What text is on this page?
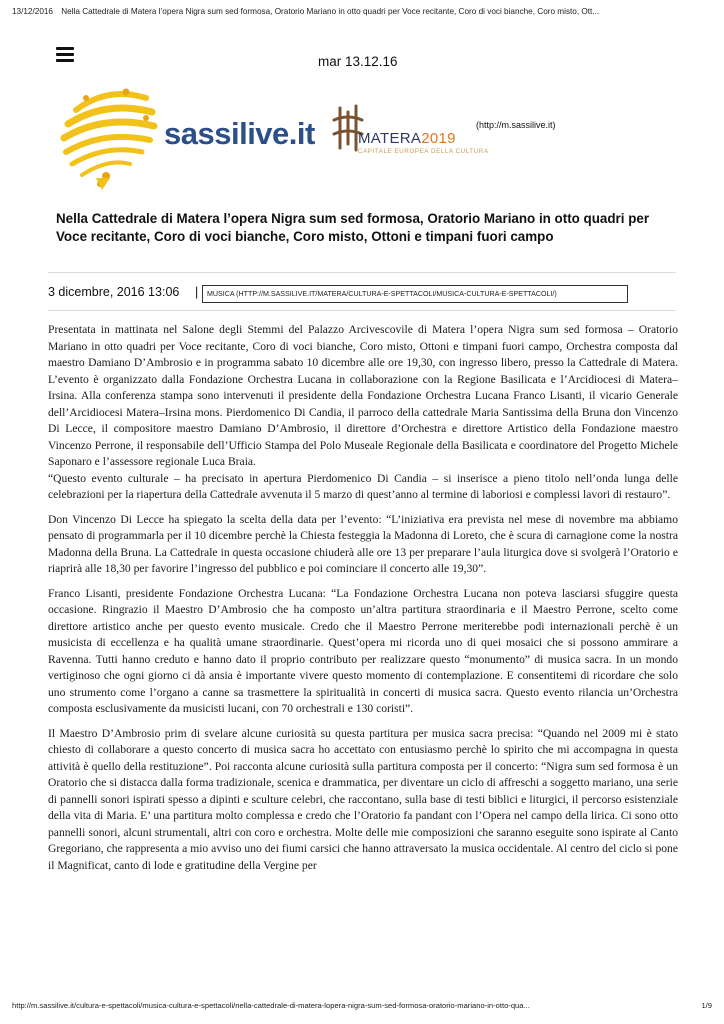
13/12/2016 Nella Cattedrale di Matera l’opera Nigra sum sed formosa, Oratorio Mariano in otto quadri per Voce recitante, Coro di voci bianche, Coro misto, Ott...
mar 13.12.16
sassilive.it	MATERA2019
CAPITALE EUROPEA DELLA CULTURA
(http://m.sassilive.it)
Nella Cattedrale di Matera l’opera Nigra sum sed formosa, Oratorio Mariano in otto quadri per Voce recitante, Coro di voci bianche, Coro misto, Ottoni e timpani fuori campo
3 dicembre, 2016 13:06 |	MUSICA (HTTP://M.SASSILIVE.IT/MATERA/CULTURA-E-SPETTACOLI/MUSICA-CULTURA-E-SPETTACOLI/)

Presentata in mattinata nel Salone degli Stemmi del Palazzo Arcivescovile di Matera l’opera Nigra sum sed formosa – Oratorio Mariano in otto quadri per Voce recitante, Coro di voci bianche, Coro misto, Ottoni e timpani fuori campo, Orchestra composta dal maestro Damiano D’Ambrosio e in programma sabato 10 dicembre alle ore 19,30, con ingresso libero, presso la Cattedrale di Matera. L’evento è organizzato dalla Fondazione Orchestra Lucana in collaborazione con la Regione Basilicata e l’Arcidiocesi di Matera–Irsina. Alla conferenza stampa sono intervenuti il presidente della Fondazione Orchestra Lucana Franco Lisanti, il vicario Generale dell’Arcidiocesi Matera–Irsina mons. Pierdomenico Di Candia, il parroco della cattedrale Maria Santissima della Bruna don Vincenzo Di Lecce, il compositore maestro Damiano D’Ambrosio, il direttore d’Orchestra e direttore Artistico della Fondazione maestro Vincenzo Perrone, il responsabile dell’Ufficio Stampa del Polo Museale Regionale della Basilicata e coordinatore del Progetto Michele Saponaro e l’assessore regionale Luca Braia.

“Questo evento culturale – ha precisato in apertura Pierdomenico Di Candia – si inserisce a pieno titolo nell’onda lunga delle celebrazioni per la riapertura della Cattedrale avvenuta il 5 marzo di quest’anno al termine di laboriosi e complessi lavori di restauro”.

Don Vincenzo Di Lecce ha spiegato la scelta della data per l’evento: “L’iniziativa era prevista nel mese di novembre ma abbiamo pensato di programmarla per il 10 dicembre perchè la Chiesta festeggia la Madonna di Loreto, che è scura di carnagione come la nostra Madonna della Bruna. La Cattedrale in questa occasione chiuderà alle ore 13 per preparare l’aula liturgica dove si svolgerà l’Oratorio e riaprirà alle 18,30 per favorire l’ingresso del pubblico e poi cominciare il concerto alle 19,30”.

Franco Lisanti, presidente Fondazione Orchestra Lucana: “La Fondazione Orchestra Lucana non poteva lasciarsi sfuggire questa occasione. Ringrazio il Maestro D’Ambrosio che ha composto un’altra partitura straordinaria e il Maestro Perrone, scelto come direttore artistico anche per questo evento musicale. Credo che il Maestro Perrone meriterebbe podi internazionali perchè è un musicista di eccellenza e ha qualità umane straordinarie. Quest’opera mi ricorda uno di quei mosaici che si possono ammirare a Ravenna. Tutti hanno creduto e hanno dato il proprio contributo per realizzare questo “monumento” di musica sacra. In un mondo vertiginoso che ogni giorno ci dà ansia è importante vivere questo momento di contemplazione. E consentitemi di ricordare che solo uno strumento come l’organo a canne sa trasmettere la spiritualità in concerti di musica sacra. Questo evento rilancia un’Orchestra composta esclusivamente da musicisti lucani, con 70 orchestrali e 130 coristi”.

Il Maestro D’Ambrosio prim di svelare alcune curiosità su questa partitura per musica sacra precisa: “Quando nel 2009 mi è stato chiesto di collaborare a questo concerto di musica sacra ho accettato con entusiasmo perchè lo spirito che mi accompagna in questa attività è quello della restituzione”. Poi racconta alcune curiosità sulla partitura composta per il concerto: “Nigra sum sed formosa è un Oratorio che si distacca dalla forma tradizionale, scenica e drammatica, per diventare un ciclo di affreschi a soggetto mariano, una serie di pannelli sonori ispirati spesso a dipinti e sculture celebri, che raccontano, sulla base di testi biblici e liturgici, il percorso esistenziale della vita di Maria. E’ una partitura molto complessa e credo che l’Oratorio fa pandant con l’Opera nel campo della lirica. Ci sono otto pannelli sonori, alcuni strumentali, altri con coro e orchestra. Molte delle mie composizioni che saranno eseguite sono ispirate al Canto Gregoriano, che rappresenta a mio avviso uno dei fiumi carsici che hanno attraversato la musica occidentale. Al centro del ciclo si pone il Magnificat, canto di lode e gratitudine della Vergine per

http://m.sassilive.it/cultura-e-spettacoli/musica-cultura-e-spettacoli/nella-cattedrale-di-matera-lopera-nigra-sum-sed-formosa-oratorio-mariano-in-otto-qua...	1/9
